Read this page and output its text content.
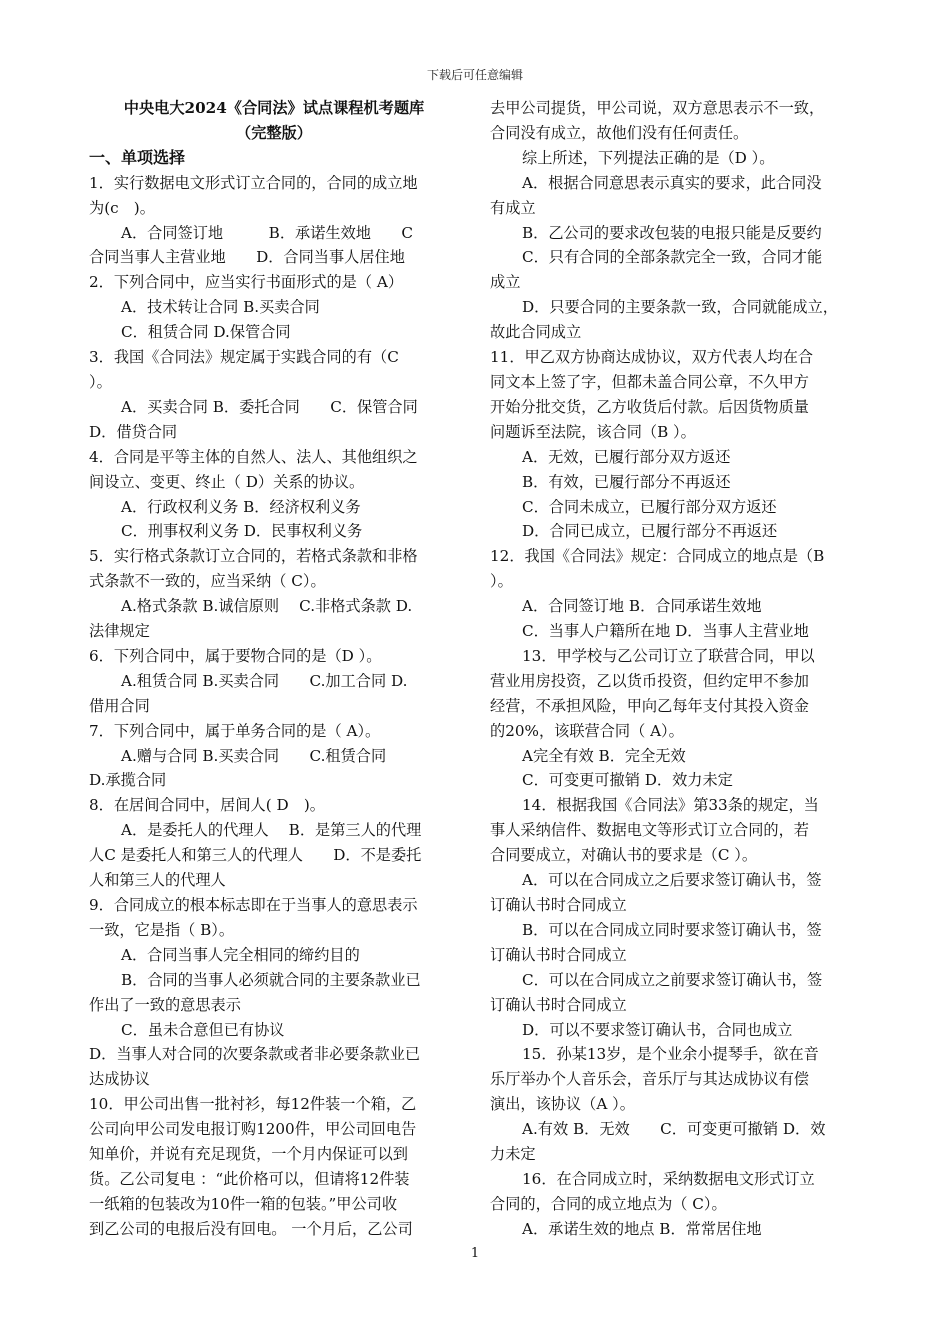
下载后可任意编辑
中央电大2024《合同法》试点课程机考题库
（完整版）
一、单项选择
1．实行数据电文形式订立合同的，合同的成立地
为(c　)。
A．合同签订地　　　B．承诺生效地　　C
合同当事人主营业地　　D．合同当事人居住地
2．下列合同中，应当实行书面形式的是（ A）
A．技术转让合同 B.买卖合同
C．租赁合同 D.保管合同
3．我国《合同法》规定属于实践合同的有（C
）。
A．买卖合同 B．委托合同　　C．保管合同
D．借贷合同
4．合同是平等主体的自然人、法人、其他组织之
间设立、变更、终止（ D）关系的协议。
A．行政权利义务 B．经济权利义务
C．刑事权利义务 D．民事权利义务
5．实行格式条款订立合同的，若格式条款和非格
式条款不一致的，应当采纳（ C）。
A.格式条款 B.诚信原则　 C.非格式条款 D.
法律规定
6．下列合同中，属于要物合同的是（D ）。
A.租赁合同 B.买卖合同　　C.加工合同 D.
借用合同
7．下列合同中，属于单务合同的是（ A）。
A.赠与合同 B.买卖合同　　C.租赁合同
D.承揽合同
8．在居间合同中，居间人( D　)。
A．是委托人的代理人　 B．是第三人的代理
人C 是委托人和第三人的代理人　　D．不是委托
人和第三人的代理人
9．合同成立的根本标志即在于当事人的意思表示
一致，它是指（ B）。
A．合同当事人完全相同的缔约目的
B．合同的当事人必须就合同的主要条款业已
作出了一致的意思表示
C．虽未合意但已有协议
D．当事人对合同的次要条款或者非必要条款业已
达成协议
10．甲公司出售一批衬衫，每12件装一个箱，乙
公司向甲公司发电报订购1200件，甲公司回电告
知单价，并说有充足现货，一个月内保证可以到
货。乙公司复电 ：“此价格可以，但请将12件装
一纸箱的包装改为10件一箱的包装。”甲公司收
到乙公司的电报后没有回电。 一个月后，乙公司
去甲公司提货，甲公司说，双方意思表示不一致，
合同没有成立，故他们没有任何责任。
综上所述，下列提法正确的是（D ）。
A．根据合同意思表示真实的要求，此合同没
有成立
B．乙公司的要求改包装的电报只能是反要约
C．只有合同的全部条款完全一致，合同才能
成立
D．只要合同的主要条款一致，合同就能成立，
故此合同成立
11．甲乙双方协商达成协议，双方代表人均在合
同文本上签了字，但都未盖合同公章，不久甲方
开始分批交货，乙方收货后付款。后因货物质量
问题诉至法院，该合同（B ）。
A．无效，已履行部分双方返还
B．有效，已履行部分不再返还
C．合同未成立，已履行部分双方返还
D．合同已成立，已履行部分不再返还
12．我国《合同法》规定：合同成立的地点是（B
）。
A．合同签订地 B．合同承诺生效地
C．当事人户籍所在地 D．当事人主营业地
13．甲学校与乙公司订立了联营合同，甲以
营业用房投资，乙以货币投资，但约定甲不参加
经营，不承担风险，甲向乙每年支付其投入资金
的20%，该联营合同（ A）。
A完全有效 B．完全无效
C．可变更可撤销 D．效力未定
14．根据我国《合同法》第33条的规定，当
事人采纳信件、数据电文等形式订立合同的，若
合同要成立，对确认书的要求是（C ）。
A．可以在合同成立之后要求签订确认书，签
订确认书时合同成立
B．可以在合同成立同时要求签订确认书，签
订确认书时合同成立
C．可以在合同成立之前要求签订确认书，签
订确认书时合同成立
D．可以不要求签订确认书，合同也成立
15．孙某13岁，是个业余小提琴手，欲在音
乐厅举办个人音乐会，音乐厅与其达成协议有偿
演出，该协议（A ）。
A.有效 B．无效　　C．可变更可撤销 D．效
力未定
16．在合同成立时，采纳数据电文形式订立
合同的，合同的成立地点为（ C）。
A．承诺生效的地点 B．常常居住地
1
